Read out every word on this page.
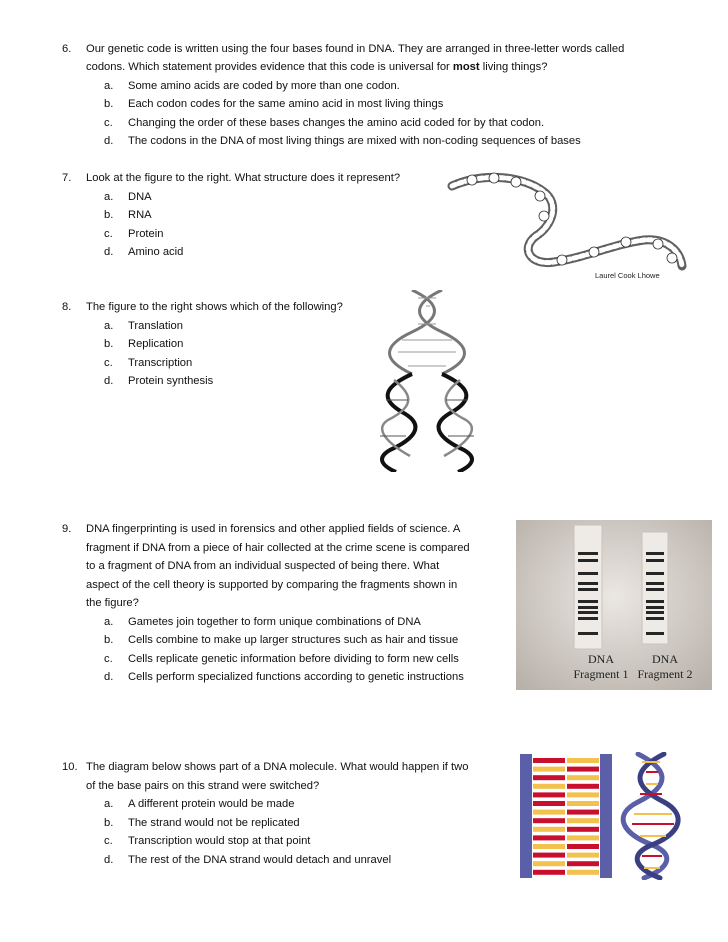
6. Our genetic code is written using the four bases found in DNA. They are arranged in three-letter words called
codons. Which statement provides evidence that this code is universal for most living things?
a. Some amino acids are coded by more than one codon.
b. Each codon codes for the same amino acid in most living things
c. Changing the order of these bases changes the amino acid coded for by that codon.
d. The codons in the DNA of most living things are mixed with non-coding sequences of bases
7. Look at the figure to the right. What structure does it represent?
a. DNA
b. RNA
c. Protein
d. Amino acid
Laurel Cook Lhowe
8. The figure to the right shows which of the following?
a. Translation
b. Replication
c. Transcription
d. Protein synthesis
9. DNA fingerprinting is used in forensics and other applied fields of science. A
fragment if DNA from a piece of hair collected at the crime scene is compared
to a fragment of DNA from an individual suspected of being there. What
aspect of the cell theory is supported by comparing the fragments shown in
the figure?
a. Gametes join together to form unique combinations of DNA
b. Cells combine to make up larger structures such as hair and tissue
c. Cells replicate genetic information before dividing to form new cells
d. Cells perform specialized functions according to genetic instructions
DNA
Fragment 1
DNA
Fragment 2
10. The diagram below shows part of a DNA molecule. What would happen if two
of the base pairs on this strand were switched?
a. A different protein would be made
b. The strand would not be replicated
c. Transcription would stop at that point
d. The rest of the DNA strand would detach and unravel
